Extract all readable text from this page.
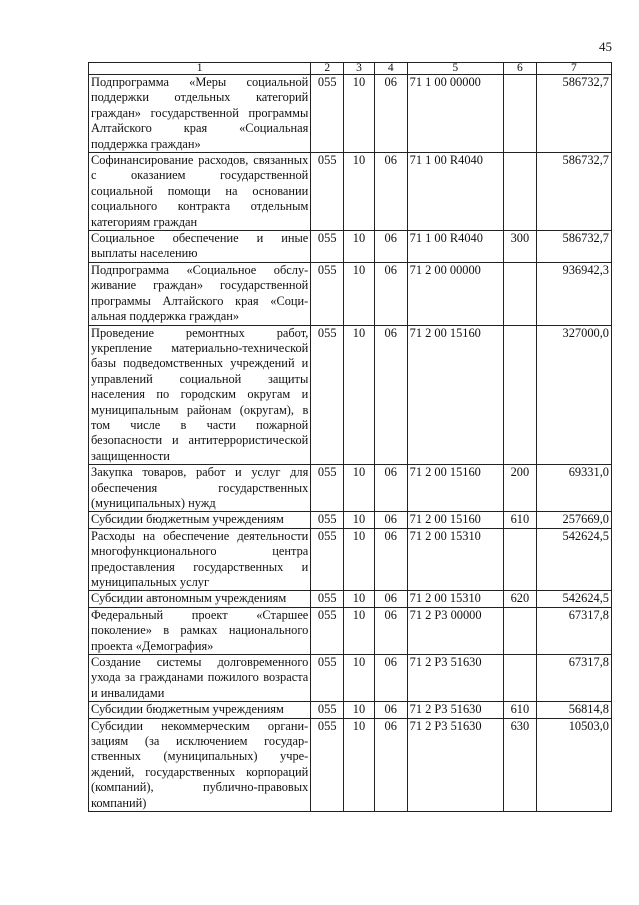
45
1	2	3	4	5	6	7
Подпрограмма «Меры социальной поддержки отдельных категорий граждан» государственной программы Алтайского края «Социальная поддержка граждан»	055	10	06	71 1 00 00000		586732,7
Софинансирование расходов, связанных с оказанием государственной социальной помощи на основании социального контракта отдельным категориям граждан	055	10	06	71 1 00 R4040		586732,7
Социальное обеспечение и иные выплаты населению	055	10	06	71 1 00 R4040	300	586732,7
Подпрограмма «Социальное обслуживание граждан» государственной программы Алтайского края «Социальная поддержка граждан»	055	10	06	71 2 00 00000		936942,3
Проведение ремонтных работ, укрепление материально-технической базы подведомственных учреждений и управлений социальной защиты населения по городским округам и муниципальным районам (округам), в том числе в части пожарной безопасности и антитеррористической защищенности	055	10	06	71 2 00 15160		327000,0
Закупка товаров, работ и услуг для обеспечения государственных (муниципальных) нужд	055	10	06	71 2 00 15160	200	69331,0
Субсидии бюджетным учреждениям	055	10	06	71 2 00 15160	610	257669,0
Расходы на обеспечение деятельности многофункционального центра предоставления государственных и муниципальных услуг	055	10	06	71 2 00 15310		542624,5
Субсидии автономным учреждениям	055	10	06	71 2 00 15310	620	542624,5
Федеральный проект «Старшее поколение» в рамках национального проекта «Демография»	055	10	06	71 2 P3 00000		67317,8
Создание системы долговременного ухода за гражданами пожилого возраста и инвалидами	055	10	06	71 2 P3 51630		67317,8
Субсидии бюджетным учреждениям	055	10	06	71 2 P3 51630	610	56814,8
Субсидии некоммерческим организациям (за исключением государственных (муниципальных) учреждений, государственных корпораций (компаний), публично-правовых компаний)	055	10	06	71 2 P3 51630	630	10503,0
